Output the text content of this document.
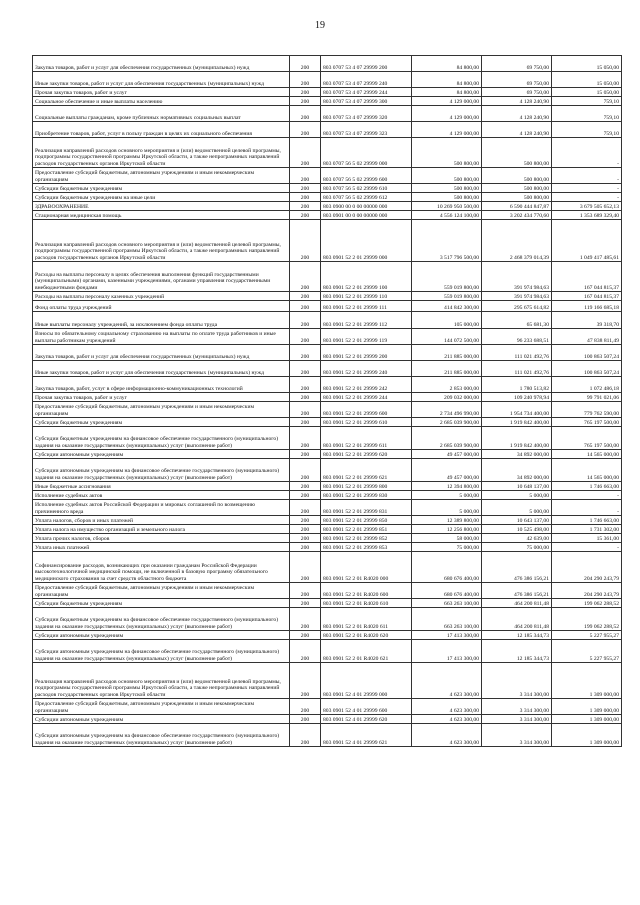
19
Закупка товаров, работ и услуг для обеспечения государственных (муниципальных) нужд	200	803 0707 53 4 07 29999 200	84 800,00	69 750,00	15 050,00
Иные закупки товаров, работ и услуг для обеспечения государственных (муниципальных) нужд	200	803 0707 53 4 07 29999 240	84 800,00	69 750,00	15 050,00
Прочая закупка товаров, работ и услуг	200	803 0707 53 4 07 29999 244	84 800,00	69 750,00	15 050,00
Социальное обеспечение и иные выплаты населению	200	803 0707 53 4 07 29999 300	4 129 000,00	4 128 240,90	759,10
Социальные выплаты гражданам, кроме публичных нормативных социальных выплат	200	803 0707 53 4 07 29999 320	4 129 000,00	4 128 240,90	759,10
Приобретение товаров, работ, услуг в пользу граждан в целях их социального обеспечения	200	803 0707 53 4 07 29999 323	4 129 000,00	4 128 240,90	759,10
Реализация направлений расходов основного мероприятия и (или) ведомственной целевой программы, подпрограммы государственной программы Иркутской области, а также непрограммных направлений расходов государственных органов Иркутской области	200	803 0707 56 5 02 29999 000	500 800,00	500 800,00	-
Предоставление субсидий бюджетным, автономным учреждениям и иным некоммерческим организациям	200	803 0707 56 5 02 29999 600	500 800,00	500 800,00	-
Субсидии бюджетным учреждениям	200	803 0707 56 5 02 29999 610	500 800,00	500 800,00	-
Субсидии бюджетным учреждениям на иные цели	200	803 0707 56 5 02 29999 612	500 800,00	500 800,00	-
ЗДРАВООХРАНЕНИЕ	200	803 0900 00 0 00 00000 000	10 269 950 500,00	6 590 444 847,87	3 679 505 652,13
Стационарная медицинская помощь	200	803 0901 00 0 00 00000 000	4 556 124 100,00	3 202 434 770,60	1 353 689 329,40
Реализация направлений расходов основного мероприятия и (или) ведомственной целевой программы, подпрограммы государственной программы Иркутской области, а также непрограммных направлений расходов государственных органов Иркутской области	200	803 0901 52 2 01 29999 000	3 517 796 500,00	2 468 379 014,39	1 049 417 485,61
Расходы на выплаты персоналу в целях обеспечения выполнения функций государственными (муниципальными) органами, казенными учреждениями, органами управления государственными внебюджетными фондами	200	803 0901 52 2 01 29999 100	559 019 800,00	391 974 984,63	167 044 815,37
Расходы на выплаты персоналу казенных учреждений	200	803 0901 52 2 01 29999 110	559 019 800,00	391 974 984,63	167 044 815,37
Фонд оплаты труда учреждений	200	803 0901 52 2 01 29999 111	414 842 300,00	295 675 614,82	119 166 685,18
Иные выплаты персоналу учреждений, за исключением фонда оплаты труда	200	803 0901 52 2 01 29999 112	105 000,00	65 681,30	39 318,70
Взносы по обязательному социальному страхованию на выплаты по оплате труда работников и иные выплаты работникам учреждений	200	803 0901 52 2 01 29999 119	144 072 500,00	96 233 688,51	47 838 811,49
Закупка товаров, работ и услуг для обеспечения государственных (муниципальных) нужд	200	803 0901 52 2 01 29999 200	211 885 000,00	111 021 492,76	100 863 507,24
Иные закупки товаров, работ и услуг для обеспечения государственных (муниципальных) нужд	200	803 0901 52 2 01 29999 240	211 885 000,00	111 021 492,76	100 863 507,24
Закупка товаров, работ, услуг в сфере информационно-коммуникационных технологий	200	803 0901 52 2 01 29999 242	2 853 000,00	1 780 513,82	1 072 486,18
Прочая закупка товаров, работ и услуг	200	803 0901 52 2 01 29999 244	209 032 000,00	109 240 978,94	99 791 021,06
Предоставление субсидий бюджетным, автономным учреждениям и иным некоммерческим организациям	200	803 0901 52 2 01 29999 600	2 734 496 990,00	1 954 734 400,00	779 762 590,00
Субсидии бюджетным учреждениям	200	803 0901 52 2 01 29999 610	2 685 039 900,00	1 919 842 400,00	765 197 500,00
Субсидии бюджетным учреждениям на финансовое обеспечение государственного (муниципального) задания на оказание государственных (муниципальных) услуг (выполнение работ)	200	803 0901 52 2 01 29999 611	2 685 039 900,00	1 919 842 400,00	765 197 500,00
Субсидии автономным учреждениям	200	803 0901 52 2 01 29999 620	49 457 000,00	34 892 000,00	14 565 000,00
Субсидии автономным учреждениям на финансовое обеспечение государственного (муниципального) задания на оказание государственных (муниципальных) услуг (выполнение работ)	200	803 0901 52 2 01 29999 621	49 457 000,00	34 892 000,00	14 565 000,00
Иные бюджетные ассигнования	200	803 0901 52 2 01 29999 800	12 394 800,00	10 648 137,00	1 746 663,00
Исполнение судебных актов	200	803 0901 52 2 01 29999 830	5 000,00	5 000,00	-
Исполнение судебных актов Российской Федерации и мировых соглашений по возмещению причиненного вреда	200	803 0901 52 2 01 29999 831	5 000,00	5 000,00	-
Уплата налогов, сборов и иных платежей	200	803 0901 52 2 01 29999 850	12 389 800,00	10 643 137,00	1 746 663,00
Уплата налога на имущество организаций и земельного налога	200	803 0901 52 2 01 29999 851	12 256 800,00	10 525 498,00	1 731 302,00
Уплата прочих налогов, сборов	200	803 0901 52 2 01 29999 852	58 000,00	42 639,00	15 361,00
Уплата иных платежей	200	803 0901 52 2 01 29999 853	75 000,00	75 000,00	-
Софинансирование расходов, возникающих при оказании гражданам Российской Федерации высокотехнологичной медицинской помощи, не включенной в базовую программу обязательного медицинского страхования за счет средств областного бюджета	200	803 0901 52 2 01 R4020 000	680 676 400,00	476 386 156,21	204 290 243,79
Предоставление субсидий бюджетным, автономным учреждениям и иным некоммерческим организациям	200	803 0901 52 2 01 R4020 600	680 676 400,00	476 386 156,21	204 290 243,79
Субсидии бюджетным учреждениям	200	803 0901 52 2 01 R4020 610	663 263 100,00	464 200 811,48	199 062 288,52
Субсидии бюджетным учреждениям на финансовое обеспечение государственного (муниципального) задания на оказание государственных (муниципальных) услуг (выполнение работ)	200	803 0901 52 2 01 R4020 611	663 263 100,00	464 200 811,48	199 062 288,52
Субсидии автономным учреждениям	200	803 0901 52 2 01 R4020 620	17 413 300,00	12 185 344,73	5 227 955,27
Субсидии автономным учреждениям на финансовое обеспечение государственного (муниципального) задания на оказание государственных (муниципальных) услуг (выполнение работ)	200	803 0901 52 2 01 R4020 621	17 413 300,00	12 185 344,73	5 227 955,27
Реализация направлений расходов основного мероприятия и (или) ведомственной целевой программы, подпрограммы государственной программы Иркутской области, а также непрограммных направлений расходов государственных органов Иркутской области	200	803 0901 52 4 01 29999 000	4 623 300,00	3 314 300,00	1 309 000,00
Предоставление субсидий бюджетным, автономным учреждениям и иным некоммерческим организациям	200	803 0901 52 4 01 29999 600	4 623 300,00	3 314 300,00	1 309 000,00
Субсидии автономным учреждениям	200	803 0901 52 4 01 29999 620	4 623 300,00	3 314 300,00	1 309 000,00
Субсидии автономным учреждениям на финансовое обеспечение государственного (муниципального) задания на оказание государственных (муниципальных) услуг (выполнение работ)	200	803 0901 52 4 01 29999 621	4 623 300,00	3 314 300,00	1 309 000,00
